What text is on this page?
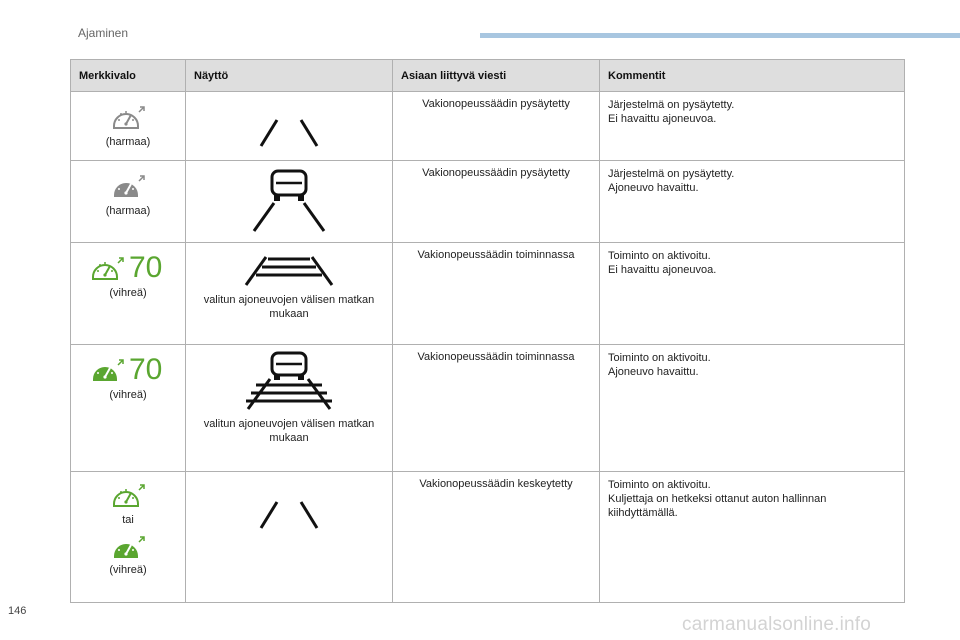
Ajaminen
Merkkivalo	Näyttö	Asiaan liittyvä viesti	Kommentit

(harmaa)		Vakionopeussäädin pysäytetty	Järjestelmä on pysäytetty.
Ei havaittu ajoneuvoa.

(harmaa)		Vakionopeussäädin pysäytetty	Järjestelmä on pysäytetty.
Ajoneuvo havaittu.

70
(vihreä)	valitun ajoneuvojen välisen matkan mukaan	Vakionopeussäädin toiminnassa	Toiminto on aktivoitu.
Ei havaittu ajoneuvoa.

70
(vihreä)	valitun ajoneuvojen välisen matkan mukaan	Vakionopeussäädin toiminnassa	Toiminto on aktivoitu.
Ajoneuvo havaittu.

tai
(vihreä)		Vakionopeussäädin keskeytetty	Toiminto on aktivoitu.
Kuljettaja on hetkeksi ottanut auton hallinnan
kiihdyttämällä.
146
carmanualsonline.info
